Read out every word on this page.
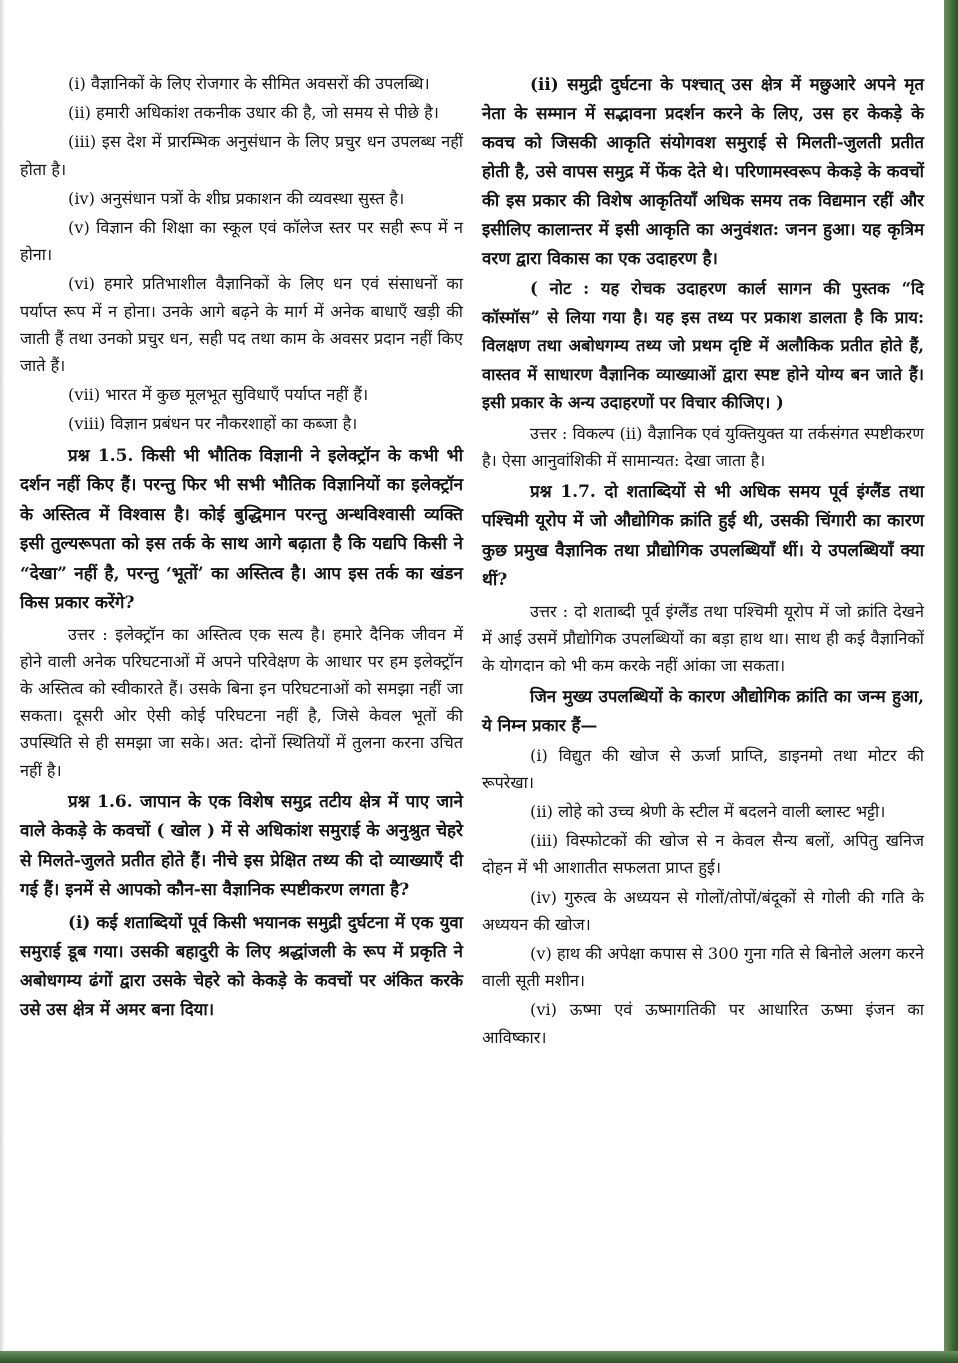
(i) वैज्ञानिकों के लिए रोजगार के सीमित अवसरों की उपलब्धि।

(ii) हमारी अधिकांश तकनीक उधार की है, जो समय से पीछे है।

(iii) इस देश में प्रारम्भिक अनुसंधान के लिए प्रचुर धन उपलब्ध नहीं होता है।

(iv) अनुसंधान पत्रों के शीघ्र प्रकाशन की व्यवस्था सुस्त है।

(v) विज्ञान की शिक्षा का स्कूल एवं कॉलेज स्तर पर सही रूप में न होना।

(vi) हमारे प्रतिभाशील वैज्ञानिकों के लिए धन एवं संसाधनों का पर्याप्त रूप में न होना। उनके आगे बढ़ने के मार्ग में अनेक बाधाएँ खड़ी की जाती हैं तथा उनको प्रचुर धन, सही पद तथा काम के अवसर प्रदान नहीं किए जाते हैं।

(vii) भारत में कुछ मूलभूत सुविधाएँ पर्याप्त नहीं हैं।

(viii) विज्ञान प्रबंधन पर नौकरशाहों का कब्जा है।

प्रश्न 1.5. किसी भी भौतिक विज्ञानी ने इलेक्ट्रॉन के कभी भी दर्शन नहीं किए हैं। परन्तु फिर भी सभी भौतिक विज्ञानियों का इलेक्ट्रॉन के अस्तित्व में विश्वास है। कोई बुद्धिमान परन्तु अन्धविश्वासी व्यक्ति इसी तुल्यरूपता को इस तर्क के साथ आगे बढ़ाता है कि यद्यपि किसी ने “देखा” नहीं है, परन्तु ‘भूतों’ का अस्तित्व है। आप इस तर्क का खंडन किस प्रकार करेंगे?

उत्तर : इलेक्ट्रॉन का अस्तित्व एक सत्य है। हमारे दैनिक जीवन में होने वाली अनेक परिघटनाओं में अपने परिवेक्षण के आधार पर हम इलेक्ट्रॉन के अस्तित्व को स्वीकारते हैं। उसके बिना इन परिघटनाओं को समझा नहीं जा सकता। दूसरी ओर ऐसी कोई परिघटना नहीं है, जिसे केवल भूतों की उपस्थिति से ही समझा जा सके। अत: दोनों स्थितियों में तुलना करना उचित नहीं है।

प्रश्न 1.6. जापान के एक विशेष समुद्र तटीय क्षेत्र में पाए जाने वाले केकड़े के कवचों ( खोल ) में से अधिकांश समुराई के अनुश्रुत चेहरे से मिलते-जुलते प्रतीत होते हैं। नीचे इस प्रेक्षित तथ्य की दो व्याख्याएँ दी गई हैं। इनमें से आपको कौन-सा वैज्ञानिक स्पष्टीकरण लगता है?

(i) कई शताब्दियों पूर्व किसी भयानक समुद्री दुर्घटना में एक युवा समुराई डूब गया। उसकी बहादुरी के लिए श्रद्धांजली के रूप में प्रकृति ने अबोधगम्य ढंगों द्वारा उसके चेहरे को केकड़े के कवचों पर अंकित करके उसे उस क्षेत्र में अमर बना दिया।

(ii) समुद्री दुर्घटना के पश्चात् उस क्षेत्र में मछुआरे अपने मृत नेता के सम्मान में सद्भावना प्रदर्शन करने के लिए, उस हर केकड़े के कवच को जिसकी आकृति संयोगवश समुराई से मिलती-जुलती प्रतीत होती है, उसे वापस समुद्र में फेंक देते थे। परिणामस्वरूप केकड़े के कवचों की इस प्रकार की विशेष आकृतियाँ अधिक समय तक विद्यमान रहीं और इसीलिए कालान्तर में इसी आकृति का अनुवंशत: जनन हुआ। यह कृत्रिम वरण द्वारा विकास का एक उदाहरण है।

( नोट : यह रोचक उदाहरण कार्ल सागन की पुस्तक “दि कॉस्मॉस” से लिया गया है। यह इस तथ्य पर प्रकाश डालता है कि प्राय: विलक्षण तथा अबोधगम्य तथ्य जो प्रथम दृष्टि में अलौकिक प्रतीत होते हैं, वास्तव में साधारण वैज्ञानिक व्याख्याओं द्वारा स्पष्ट होने योग्य बन जाते हैं। इसी प्रकार के अन्य उदाहरणों पर विचार कीजिए। )

उत्तर : विकल्प (ii) वैज्ञानिक एवं युक्तियुक्त या तर्कसंगत स्पष्टीकरण है। ऐसा आनुवांशिकी में सामान्यत: देखा जाता है।

प्रश्न 1.7. दो शताब्दियों से भी अधिक समय पूर्व इंग्लैंड तथा पश्चिमी यूरोप में जो औद्योगिक क्रांति हुई थी, उसकी चिंगारी का कारण कुछ प्रमुख वैज्ञानिक तथा प्रौद्योगिक उपलब्धियाँ थीं। ये उपलब्धियाँ क्या थीं?

उत्तर : दो शताब्दी पूर्व इंग्लैंड तथा पश्चिमी यूरोप में जो क्रांति देखने में आई उसमें प्रौद्योगिक उपलब्धियों का बड़ा हाथ था। साथ ही कई वैज्ञानिकों के योगदान को भी कम करके नहीं आंका जा सकता।

जिन मुख्य उपलब्धियों के कारण औद्योगिक क्रांति का जन्म हुआ, ये निम्न प्रकार हैं—

(i) विद्युत की खोज से ऊर्जा प्राप्ति, डाइनमो तथा मोटर की रूपरेखा।

(ii) लोहे को उच्च श्रेणी के स्टील में बदलने वाली ब्लास्ट भट्टी।

(iii) विस्फोटकों की खोज से न केवल सैन्य बलों, अपितु खनिज दोहन में भी आशातीत सफलता प्राप्त हुई।

(iv) गुरुत्व के अध्ययन से गोलों/तोपों/बंदूकों से गोली की गति के अध्ययन की खोज।

(v) हाथ की अपेक्षा कपास से 300 गुना गति से बिनोले अलग करने वाली सूती मशीन।

(vi) ऊष्मा एवं ऊष्मागतिकी पर आधारित ऊष्मा इंजन का आविष्कार।
